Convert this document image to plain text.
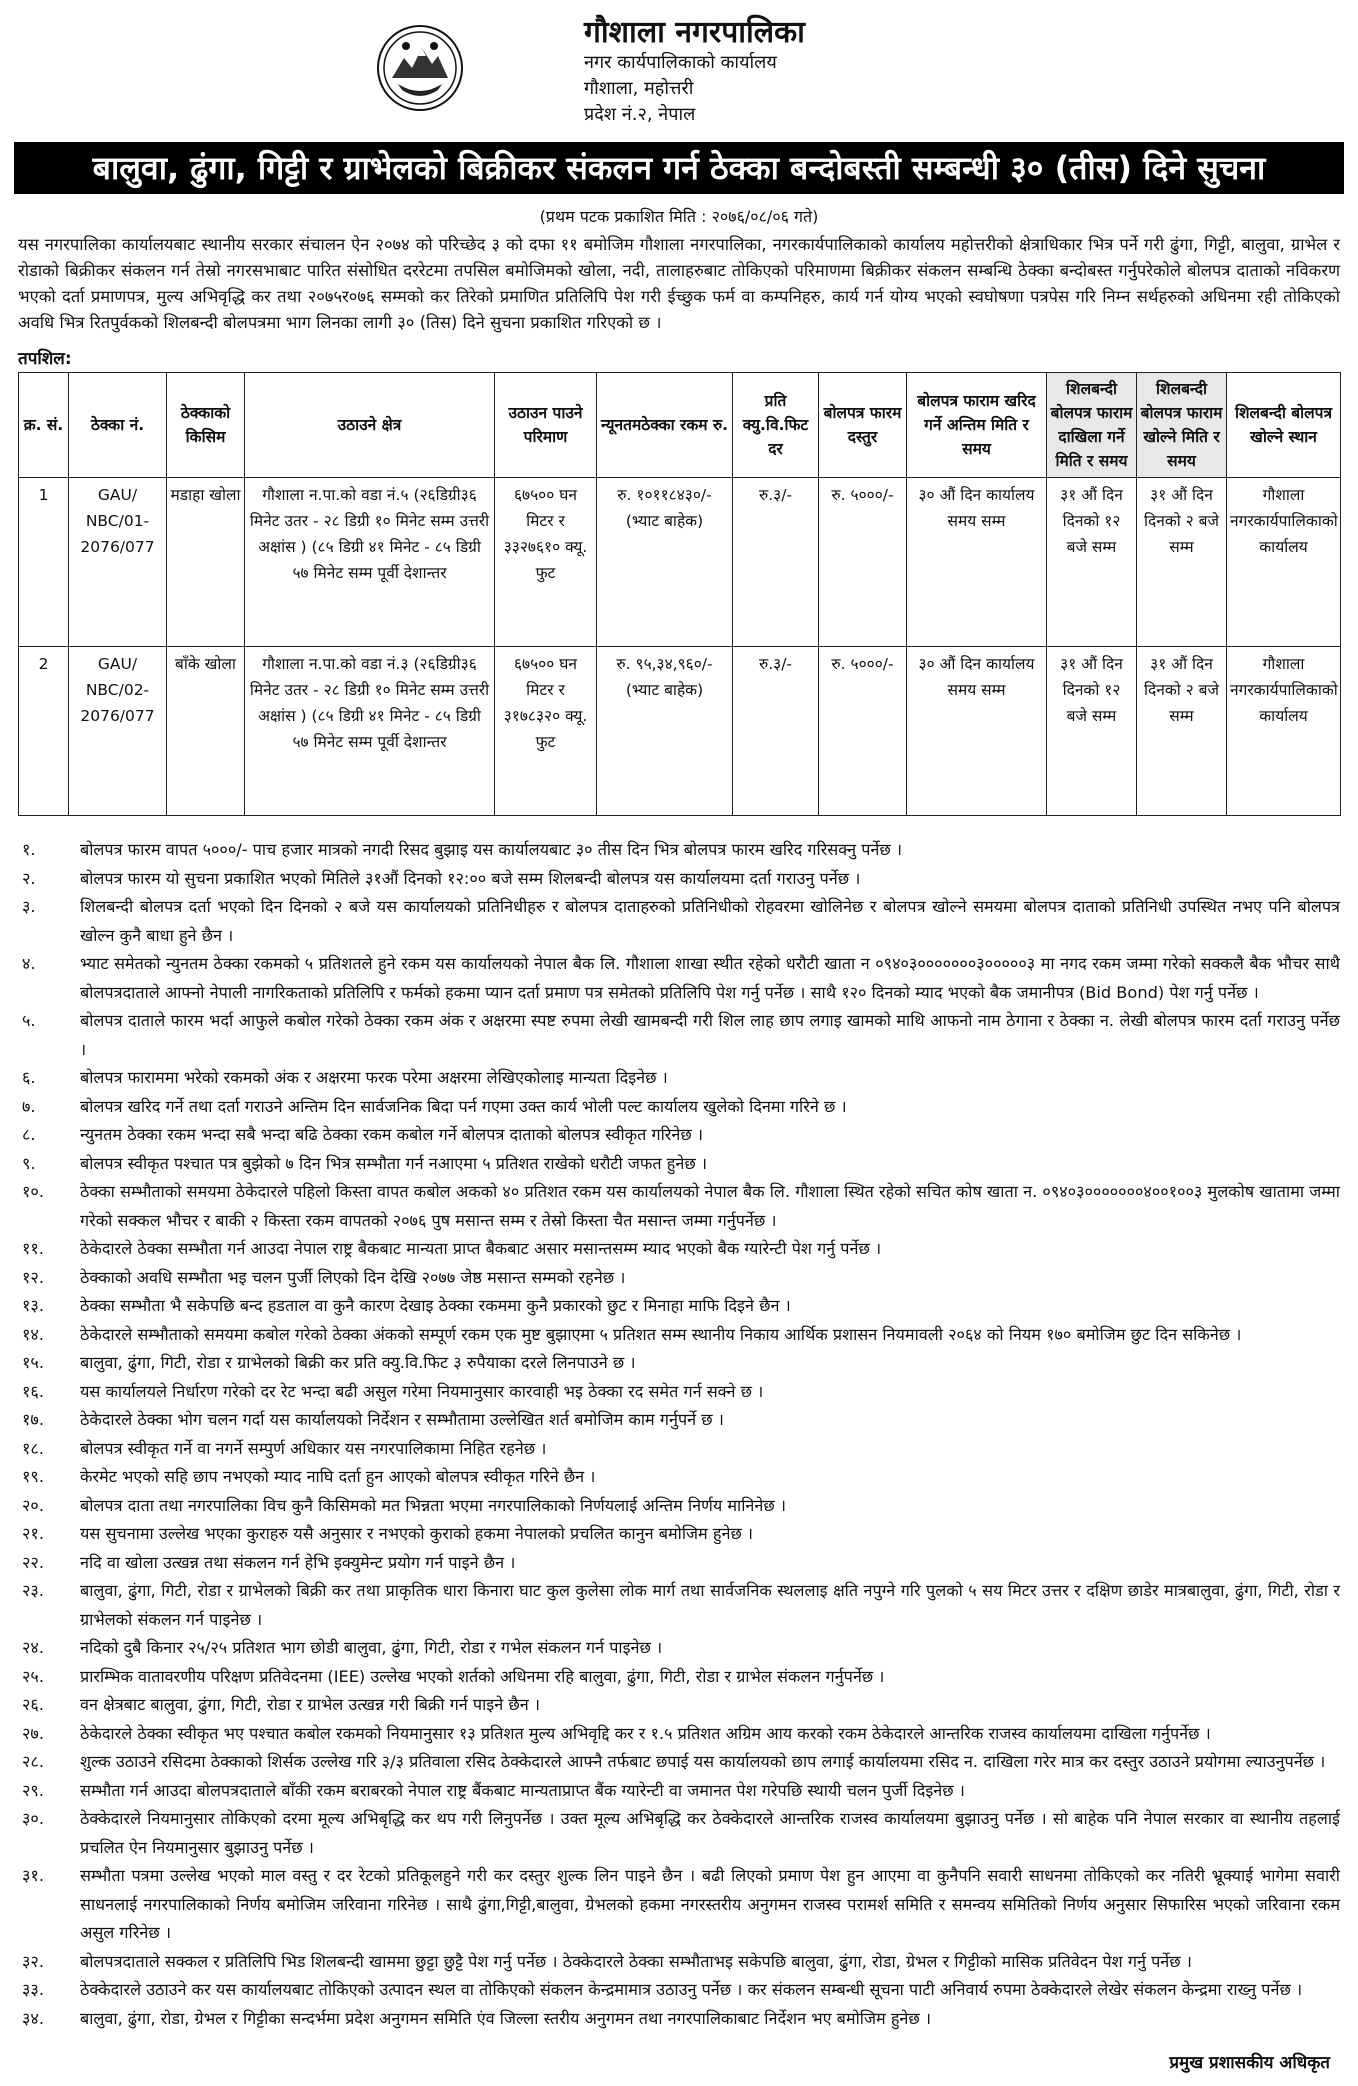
गौशाला नगरपालिका
नगर कार्यपालिकाको कार्यालय
गौशाला, महोत्तरी
प्रदेश नं.२, नेपाल
बालुवा, ढुंगा, गिट्टी र ग्राभेलको बिक्रीकर संकलन गर्न ठेक्का बन्दोबस्ती सम्बन्धी ३० (तीस) दिने सुचना
(प्रथम पटक प्रकाशित मिति : २०७६/०८/०६ गते)
यस नगरपालिका कार्यालयबाट स्थानीय सरकार संचालन ऐन २०७४ को परिच्छेद ३ को दफा ११ बमोजिम गौशाला नगरपालिका, नगरकार्यपालिकाको कार्यालय महोत्तरीको क्षेत्राधिकार भित्र पर्ने गरी ढुंगा, गिट्टी, बालुवा, ग्राभेल र रोडाको बिक्रीकर संकलन गर्न तेस्रो नगरसभाबाट पारित संसोधित दररेटमा तपसिल बमोजिमको खोला, नदी, तालाहरुबाट तोकिएको परिमाणमा बिक्रीकर संकलन सम्बन्धि ठेक्का बन्दोबस्त गर्नुपरेकोले बोलपत्र दाताको नविकरण भएको दर्ता प्रमाणपत्र, मुल्य अभिवृद्धि कर तथा २०७५र०७६ सम्मको कर तिरेको प्रमाणित प्रतिलिपि पेश गरी ईच्छुक फर्म वा कम्पनिहरु, कार्य गर्न योग्य भएको स्वघोषणा पत्रपेस गरि निम्न सर्थहरुको अधिनमा रही तोकिएको अवधि भित्र रितपुर्वकको शिलबन्दी बोलपत्रमा भाग लिनका लागी ३० (तिस) दिने सुचना प्रकाशित गरिएको छ ।
तपशिल:
क्र. सं.	ठेक्का नं.	ठेक्काको किसिम	उठाउने क्षेत्र	उठाउन पाउने परिमाण	न्यूनतमठेक्का रकम रु.	प्रति क्यु.वि.फिट दर	बोलपत्र फारम दस्तुर	बोलपत्र फाराम खरिद गर्ने अन्तिम मिति र समय	शिलबन्दी बोलपत्र फाराम दाखिला गर्ने मिति र समय	शिलबन्दी बोलपत्र फाराम खोल्ने मिति र समय	शिलबन्दी बोलपत्र खोल्ने स्थान
1	GAU/ NBC/01- 2076/077	मडाहा खोला	गौशाला न.पा.को वडा नं.५ (२६डिग्री३६ मिनेट उतर - २८ डिग्री १० मिनेट सम्म उत्तरी अक्षांस ) (८५ डिग्री ४१ मिनेट - ८५ डिग्री ५७ मिनेट सम्म पूर्वी देशान्तर	६७५०० घन मिटर र ३३२७६१० क्यू. फुट	रु. १०११८४३०/- (भ्याट बाहेक)	रु.३/-	रु. ५०००/-	३० औं दिन कार्यालय समय सम्म	३१ औं दिन दिनको १२ बजे सम्म	३१ औं दिन दिनको २ बजे सम्म	गौशाला नगरकार्यपालिकाको कार्यालय
2	GAU/ NBC/02- 2076/077	बाँके खोला	गौशाला न.पा.को वडा नं.३ (२६डिग्री३६ मिनेट उतर - २८ डिग्री १० मिनेट सम्म उत्तरी अक्षांस ) (८५ डिग्री ४१ मिनेट - ८५ डिग्री ५७ मिनेट सम्म पूर्वी देशान्तर	६७५०० घन मिटर र ३१७८३२० क्यू. फुट	रु. ९५,३४,९६०/- (भ्याट बाहेक)	रु.३/-	रु. ५०००/-	३० औं दिन कार्यालय समय सम्म	३१ औं दिन दिनको १२ बजे सम्म	३१ औं दिन दिनको २ बजे सम्म	गौशाला नगरकार्यपालिकाको कार्यालय
१.	बोलपत्र फारम वापत ५०००/- पाच हजार मात्रको नगदी रिसद बुझाइ यस कार्यालयबाट ३० तीस दिन भित्र बोलपत्र फारम खरिद गरिसक्नु पर्नेछ ।
२.	बोलपत्र फारम यो सुचना प्रकाशित भएको मितिले ३१औं दिनको १२:०० बजे सम्म शिलबन्दी बोलपत्र यस कार्यालयमा दर्ता गराउनु पर्नेछ ।
३.	शिलबन्दी बोलपत्र दर्ता भएको दिन दिनको २ बजे यस कार्यालयको प्रतिनिधीहरु र बोलपत्र दाताहरुको प्रतिनिधीको रोहवरमा खोलिनेछ र बोलपत्र खोल्ने समयमा बोलपत्र दाताको प्रतिनिधी उपस्थित नभए पनि बोलपत्र खोल्न कुनै बाधा हुने छैन ।
४.	भ्याट समेतको न्युनतम ठेक्का रकमको ५ प्रतिशतले हुने रकम यस कार्यालयको नेपाल बैक लि. गौशाला शाखा स्थीत रहेको धरौटी खाता न ०९४०३०००००००३०००००३ मा नगद रकम जम्मा गरेको सक्कलै बैक भौचर साथै बोलपत्रदाताले आफ्नो नेपाली नागरिकताको प्रतिलिपि र फर्मको हकमा प्यान दर्ता प्रमाण पत्र समेतको प्रतिलिपि पेश गर्नु पर्नेछ । साथै १२० दिनको म्याद भएको बैक जमानीपत्र (Bid Bond) पेश गर्नु पर्नेछ ।
५.	बोलपत्र दाताले फारम भर्दा आफुले कबोल गरेको ठेक्का रकम अंक र अक्षरमा स्पष्ट रुपमा लेखी खामबन्दी गरी शिल लाह छाप लगाइ खामको माथि आफनो नाम ठेगाना र ठेक्का न. लेखी बोलपत्र फारम दर्ता गराउनु पर्नेछ ।
६.	बोलपत्र फाराममा भरेको रकमको अंक र अक्षरमा फरक परेमा अक्षरमा लेखिएकोलाइ मान्यता दिइनेछ ।
७.	बोलपत्र खरिद गर्ने तथा दर्ता गराउने अन्तिम दिन सार्वजनिक बिदा पर्न गएमा उक्त कार्य भोली पल्ट कार्यालय खुलेको दिनमा गरिने छ ।
८.	न्युनतम ठेक्का रकम भन्दा सबै भन्दा बढि ठेक्का रकम कबोल गर्ने बोलपत्र दाताको बोलपत्र स्वीकृत गरिनेछ ।
९.	बोलपत्र स्वीकृत पश्चात पत्र बुझेको ७ दिन भित्र सम्भौता गर्न नआएमा ५ प्रतिशत राखेको धरौटी जफत हुनेछ ।
१०.	ठेक्का सम्भौताको समयमा ठेकेदारले पहिलो किस्ता वापत कबोल अकको ४० प्रतिशत रकम यस कार्यालयको नेपाल बैक लि. गौशाला स्थित रहेको सचित कोष खाता न. ०९४०३०००००००४००१००३ मुलकोष खातामा जम्मा गरेको सक्कल भौचर र बाकी २ किस्ता रकम वापतको २०७६ पुष मसान्त सम्म र तेस्रो किस्ता चैत मसान्त जम्मा गर्नुपर्नेछ ।
११.	ठेकेदारले ठेक्का सम्भौता गर्न आउदा नेपाल राष्ट्र बैकबाट मान्यता प्राप्त बैकबाट असार मसान्तसम्म म्याद भएको बैक ग्यारेन्टी पेश गर्नु पर्नेछ ।
१२.	ठेक्काको अवधि सम्भौता भइ चलन पुर्जी लिएको दिन देखि २०७७ जेष्ठ मसान्त सम्मको रहनेछ ।
१३.	ठेक्का सम्भौता भै सकेपछि बन्द हडताल वा कुनै कारण देखाइ ठेक्का रकममा कुनै प्रकारको छुट र मिनाहा माफि दिइने छैन ।
१४.	ठेकेदारले सम्भौताको समयमा कबोल गरेको ठेक्का अंकको सम्पूर्ण रकम एक मुष्ट बुझाएमा ५ प्रतिशत सम्म स्थानीय निकाय आर्थिक प्रशासन नियमावली २०६४ को नियम १७० बमोजिम छुट दिन सकिनेछ ।
१५.	बालुवा, ढुंगा, गिटी, रोडा र ग्राभेलको बिक्री कर प्रति क्यु.वि.फिट ३ रुपैयाका दरले लिनपाउने छ ।
१६.	यस कार्यालयले निर्धारण गरेको दर रेट भन्दा बढी असुल गरेमा नियमानुसार कारवाही भइ ठेक्का रद समेत गर्न सक्ने छ ।
१७.	ठेकेदारले ठेक्का भोग चलन गर्दा यस कार्यालयको निर्देशन र सम्भौतामा उल्लेखित शर्त बमोजिम काम गर्नुपर्ने छ ।
१८.	बोलपत्र स्वीकृत गर्ने वा नगर्ने सम्पुर्ण अधिकार यस नगरपालिकामा निहित रहनेछ ।
१९.	केरमेट भएको सहि छाप नभएको म्याद नाघि दर्ता हुन आएको बोलपत्र स्वीकृत गरिने छैन ।
२०.	बोलपत्र दाता तथा नगरपालिका विच कुनै किसिमको मत भिन्नता भएमा नगरपालिकाको निर्णयलाई अन्तिम निर्णय मानिनेछ ।
२१.	यस सुचनामा उल्लेख भएका कुराहरु यसै अनुसार र नभएको कुराको हकमा नेपालको प्रचलित कानुन बमोजिम हुनेछ ।
२२.	नदि वा खोला उत्खन्न तथा संकलन गर्न हेभि इक्युमेन्ट प्रयोग गर्न पाइने छैन ।
२३.	बालुवा, ढुंगा, गिटी, रोडा र ग्राभेलको बिक्री कर तथा प्राकृतिक धारा किनारा घाट कुल कुलेसा लोक मार्ग तथा सार्वजनिक स्थललाइ क्षति नपुग्ने गरि पुलको ५ सय मिटर उत्तर र दक्षिण छाडेर मात्रबालुवा, ढुंगा, गिटी, रोडा र ग्राभेलको संकलन गर्न पाइनेछ ।
२४.	नदिको दुबै किनार २५/२५ प्रतिशत भाग छोडी बालुवा, ढुंगा, गिटी, रोडा र गभेल संकलन गर्न पाइनेछ ।
२५.	प्रारम्भिक वातावरणीय परिक्षण प्रतिवेदनमा (IEE) उल्लेख भएको शर्तको अधिनमा रहि बालुवा, ढुंगा, गिटी, रोडा र ग्राभेल संकलन गर्नुपर्नेछ ।
२६.	वन क्षेत्रबाट बालुवा, ढुंगा, गिटी, रोडा र ग्राभेल उत्खन्न गरी बिक्री गर्न पाइने छैन ।
२७.	ठेकेदारले ठेक्का स्वीकृत भए पश्चात कबोल रकमको नियमानुसार १३ प्रतिशत मुल्य अभिवृद्दि कर र १.५ प्रतिशत अग्रिम आय करको रकम ठेकेदारले आन्तरिक राजस्व कार्यालयमा दाखिला गर्नुपर्नेछ ।
२८.	शुल्क उठाउने रसिदमा ठेक्काको शिर्सक उल्लेख गरि ३/३ प्रतिवाला रसिद ठेक्केदारले आफ्नै तर्फबाट छपाई यस कार्यालयको छाप लगाई कार्यालयमा रसिद न. दाखिला गरेर मात्र कर दस्तुर उठाउने प्रयोगमा ल्याउनुपर्नेछ ।
२९.	सम्भौता गर्न आउदा बोलपत्रदाताले बाँकी रकम बराबरको नेपाल राष्ट्र बैंकबाट मान्यताप्राप्त बैंक ग्यारेन्टी वा जमानत पेश गरेपछि स्थायी चलन पुर्जी दिइनेछ ।
३०.	ठेक्केदारले नियमानुसार तोकिएको दरमा मूल्य अभिबृद्धि कर थप गरी लिनुपर्नेछ । उक्त मूल्य अभिबृद्धि कर ठेक्केदारले आन्तरिक राजस्व कार्यालयमा बुझाउनु पर्नेछ । सो बाहेक पनि नेपाल सरकार वा स्थानीय तहलाई प्रचलित ऐन नियमानुसार बुझाउनु पर्नेछ ।
३१.	सम्भौता पत्रमा उल्लेख भएको माल वस्तु र दर रेटको प्रतिकूलहुने गरी कर दस्तुर शुल्क लिन पाइने छैन । बढी लिएको प्रमाण पेश हुन आएमा वा कुनैपनि सवारी साधनमा तोकिएको कर नतिरी भ्रूक्याई भागेमा सवारी साधनलाई नगरपालिकाको निर्णय बमोजिम जरिवाना गरिनेछ । साथै ढुंगा,गिट्टी,बालुवा, ग्रेभलको हकमा नगरस्तरीय अनुगमन राजस्व परामर्श समिति र समन्वय समितिको निर्णय अनुसार सिफारिस भएको जरिवाना रकम असुल गरिनेछ ।
३२.	बोलपत्रदाताले सक्कल र प्रतिलिपि भिड शिलबन्दी खाममा छुट्टा छुट्टै पेश गर्नु पर्नेछ । ठेक्केदारले ठेक्का सम्भौताभइ सकेपछि बालुवा, ढुंगा, रोडा, ग्रेभल र गिट्टीको मासिक प्रतिवेदन पेश गर्नु पर्नेछ ।
३३.	ठेक्केदारले उठाउने कर यस कार्यालयबाट तोकिएको उत्पादन स्थल वा तोकिएको संकलन केन्द्रमामात्र उठाउनु पर्नेछ । कर संकलन सम्बन्धी सूचना पाटी अनिवार्य रुपमा ठेक्केदारले लेखेर संकलन केन्द्रमा राख्नु पर्नेछ ।
३४.	बालुवा, ढुंगा, रोडा, ग्रेभल र गिट्टीका सन्दर्भमा प्रदेश अनुगमन समिति एंव जिल्ला स्तरीय अनुगमन तथा नगरपालिकाबाट निर्देशन भए बमोजिम हुनेछ ।
प्रमुख प्रशासकीय अधिकृत
